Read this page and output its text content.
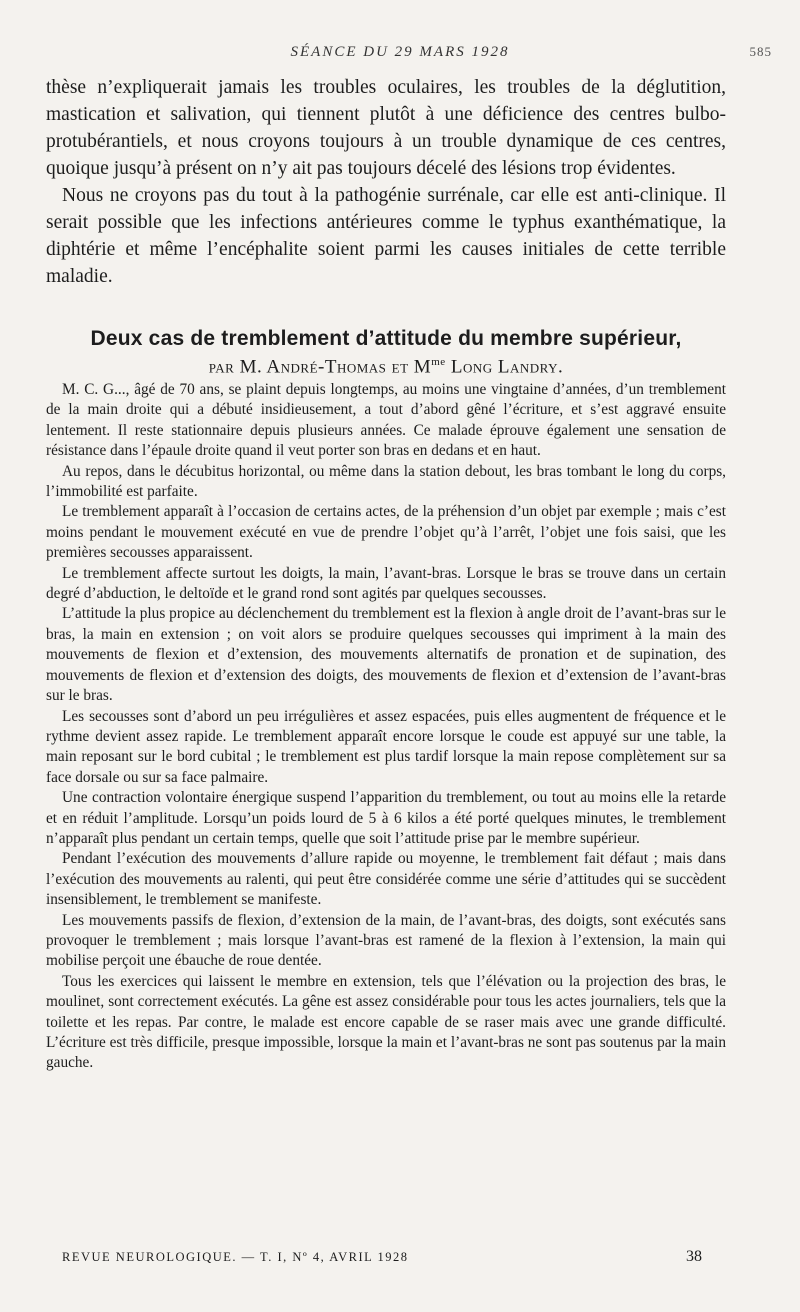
SÉANCE DU 29 MARS 1928	585

thèse n’expliquerait jamais les troubles oculaires, les troubles de la déglutition, mastication et salivation, qui tiennent plutôt à une déficience des centres bulbo-protubérantiels, et nous croyons toujours à un trouble dynamique de ces centres, quoique jusqu’à présent on n’y ait pas toujours décelé des lésions trop évidentes.

Nous ne croyons pas du tout à la pathogénie surrénale, car elle est anti-clinique. Il serait possible que les infections antérieures comme le typhus exanthématique, la diphtérie et même l’encéphalite soient parmi les causes initiales de cette terrible maladie.

Deux cas de tremblement d’attitude du membre supérieur,
par M. André-Thomas et $M^{me}$ Long Landry.

M. C. G..., âgé de 70 ans, se plaint depuis longtemps, au moins une vingtaine d’années, d’un tremblement de la main droite qui a débuté insidieusement, a tout d’abord gêné l’écriture, et s’est aggravé ensuite lentement. Il reste stationnaire depuis plusieurs années. Ce malade éprouve également une sensation de résistance dans l’épaule droite quand il veut porter son bras en dedans et en haut.

Au repos, dans le décubitus horizontal, ou même dans la station debout, les bras tombant le long du corps, l’immobilité est parfaite.

Le tremblement apparaît à l’occasion de certains actes, de la préhension d’un objet par exemple ; mais c’est moins pendant le mouvement exécuté en vue de prendre l’objet qu’à l’arrêt, l’objet une fois saisi, que les premières secousses apparaissent.

Le tremblement affecte surtout les doigts, la main, l’avant-bras. Lorsque le bras se trouve dans un certain degré d’abduction, le deltoïde et le grand rond sont agités par quelques secousses.

L’attitude la plus propice au déclenchement du tremblement est la flexion à angle droit de l’avant-bras sur le bras, la main en extension ; on voit alors se produire quelques secousses qui impriment à la main des mouvements de flexion et d’extension, des mouvements alternatifs de pronation et de supination, des mouvements de flexion et d’extension des doigts, des mouvements de flexion et d’extension de l’avant-bras sur le bras.

Les secousses sont d’abord un peu irrégulières et assez espacées, puis elles augmentent de fréquence et le rythme devient assez rapide. Le tremblement apparaît encore lorsque le coude est appuyé sur une table, la main reposant sur le bord cubital ; le tremblement est plus tardif lorsque la main repose complètement sur sa face dorsale ou sur sa face palmaire.

Une contraction volontaire énergique suspend l’apparition du tremblement, ou tout au moins elle la retarde et en réduit l’amplitude. Lorsqu’un poids lourd de 5 à 6 kilos a été porté quelques minutes, le tremblement n’apparaît plus pendant un certain temps, quelle que soit l’attitude prise par le membre supérieur.

Pendant l’exécution des mouvements d’allure rapide ou moyenne, le tremblement fait défaut ; mais dans l’exécution des mouvements au ralenti, qui peut être considérée comme une série d’attitudes qui se succèdent insensiblement, le tremblement se manifeste.

Les mouvements passifs de flexion, d’extension de la main, de l’avant-bras, des doigts, sont exécutés sans provoquer le tremblement ; mais lorsque l’avant-bras est ramené de la flexion à l’extension, la main qui mobilise perçoit une ébauche de roue dentée.

Tous les exercices qui laissent le membre en extension, tels que l’élévation ou la projection des bras, le moulinet, sont correctement exécutés. La gêne est assez considérable pour tous les actes journaliers, tels que la toilette et les repas. Par contre, le malade est encore capable de se raser mais avec une grande difficulté. L’écriture est très difficile, presque impossible, lorsque la main et l’avant-bras ne sont pas soutenus par la main gauche.

REVUE NEUROLOGIQUE. — T. I, Nº 4, AVRIL 1928	38
